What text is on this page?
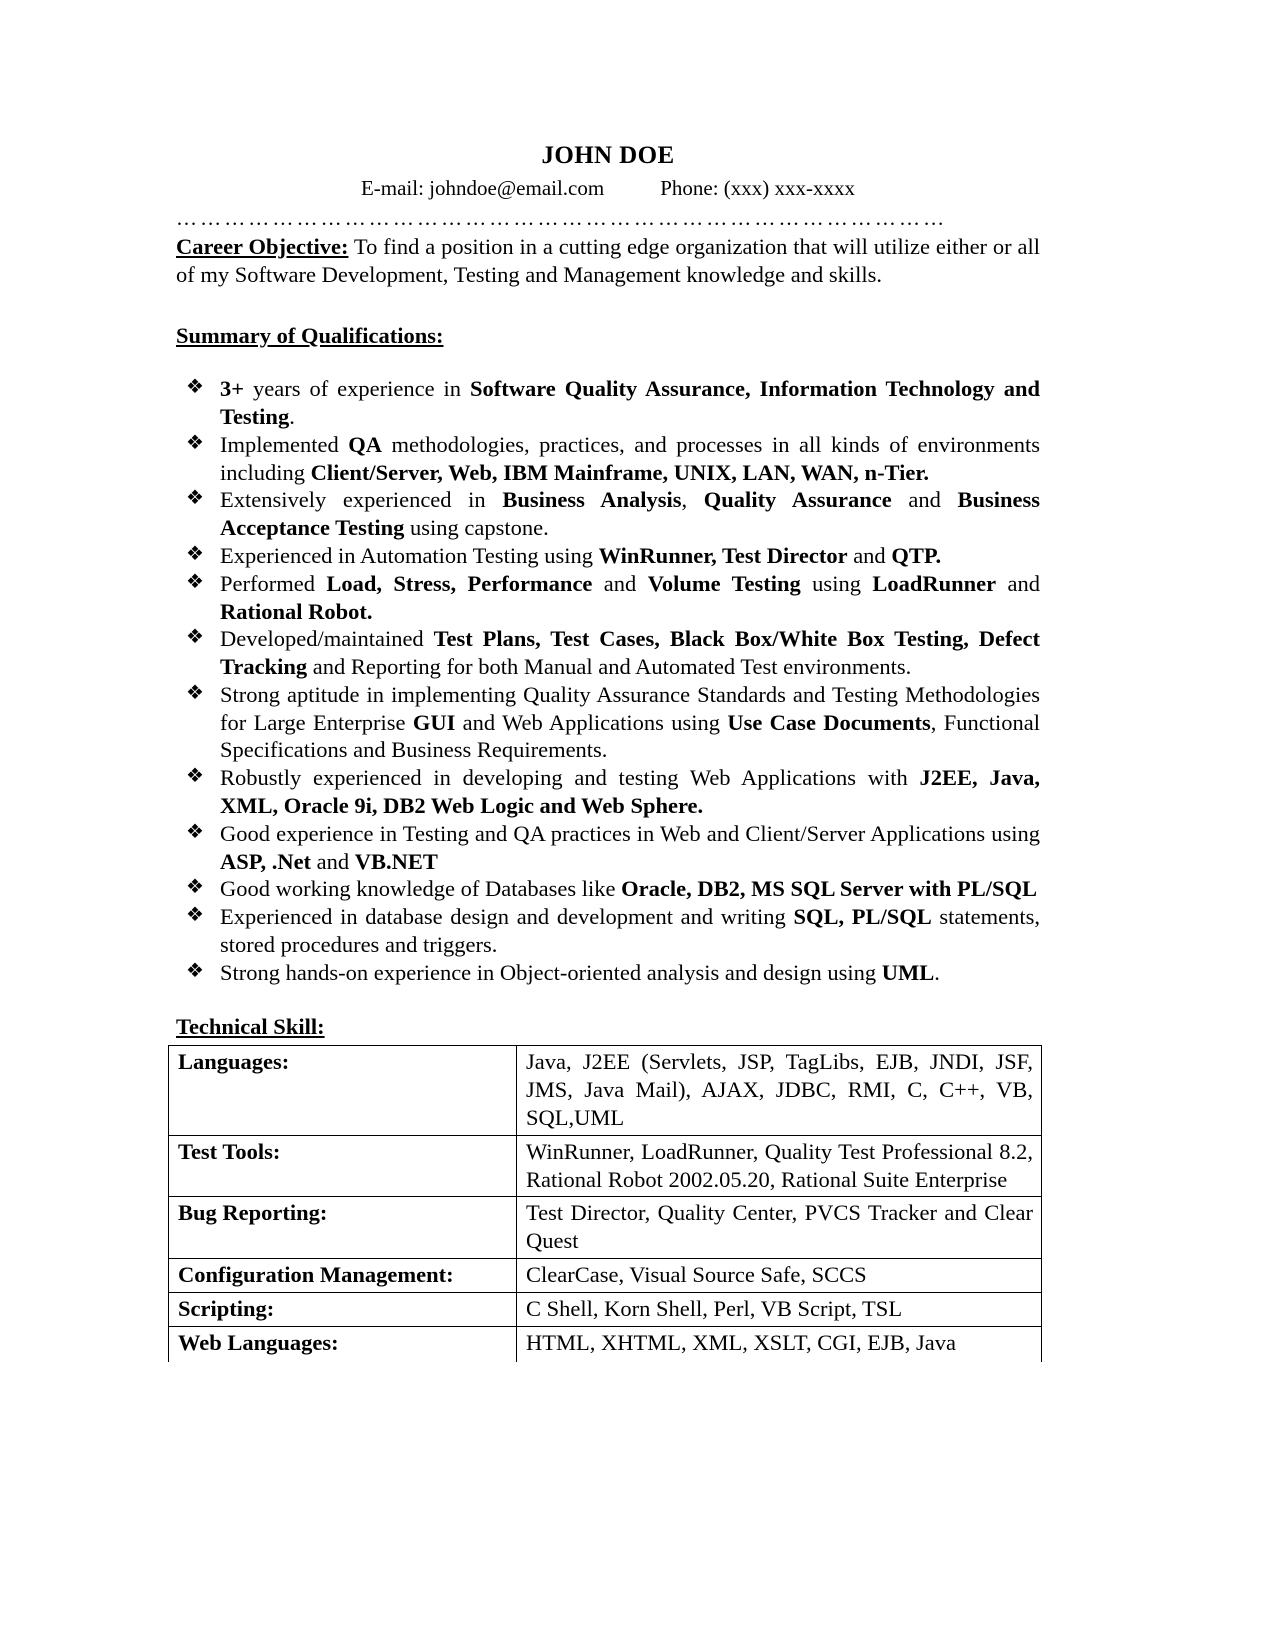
JOHN DOE
E-mail: johndoe@email.com	Phone: (xxx) xxx-xxxx
……………………………………………………………………………………
Career Objective: To find a position in a cutting edge organization that will utilize either or all of my Software Development, Testing and Management knowledge and skills.
Summary of Qualifications:
❖ 3+ years of experience in Software Quality Assurance, Information Technology and Testing.
❖ Implemented QA methodologies, practices, and processes in all kinds of environments including Client/Server, Web, IBM Mainframe, UNIX, LAN, WAN, n-Tier.
❖ Extensively experienced in Business Analysis, Quality Assurance and Business Acceptance Testing using capstone.
❖ Experienced in Automation Testing using WinRunner, Test Director and QTP.
❖ Performed Load, Stress, Performance and Volume Testing using LoadRunner and Rational Robot.
❖ Developed/maintained Test Plans, Test Cases, Black Box/White Box Testing, Defect Tracking and Reporting for both Manual and Automated Test environments.
❖ Strong aptitude in implementing Quality Assurance Standards and Testing Methodologies for Large Enterprise GUI and Web Applications using Use Case Documents, Functional Specifications and Business Requirements.
❖ Robustly experienced in developing and testing Web Applications with J2EE, Java, XML, Oracle 9i, DB2 Web Logic and Web Sphere.
❖ Good experience in Testing and QA practices in Web and Client/Server Applications using ASP, .Net and VB.NET
❖ Good working knowledge of Databases like Oracle, DB2, MS SQL Server with PL/SQL
❖ Experienced in database design and development and writing SQL, PL/SQL statements, stored procedures and triggers.
❖ Strong hands-on experience in Object-oriented analysis and design using UML.
Technical Skill:
Languages:	Java, J2EE (Servlets, JSP, TagLibs, EJB, JNDI, JSF, JMS, Java Mail), AJAX, JDBC, RMI, C, C++, VB, SQL,UML
Test Tools:	WinRunner, LoadRunner, Quality Test Professional 8.2, Rational Robot 2002.05.20, Rational Suite Enterprise
Bug Reporting:	Test Director, Quality Center, PVCS Tracker and Clear Quest
Configuration Management:	ClearCase, Visual Source Safe, SCCS
Scripting:	C Shell, Korn Shell, Perl, VB Script, TSL

Web Languages:	HTML, XHTML, XML, XSLT, CGI, EJB, Java
